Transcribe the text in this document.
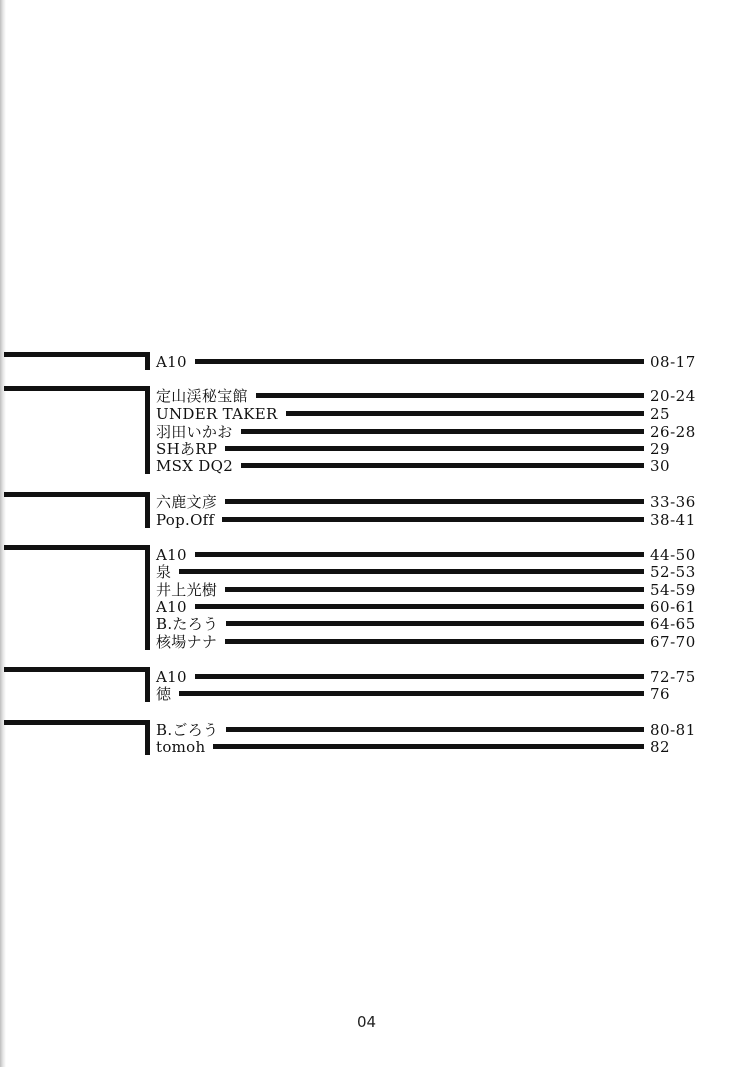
A10	08-17
定山渓秘宝館	20-24
UNDER TAKER	25
羽田いかお	26-28
SHあRP	29
MSX DQ2	30
六鹿文彦	33-36
Pop.Off	38-41
A10	44-50
泉	52-53
井上光樹	54-59
A10	60-61
B.たろう	64-65
核場ナナ	67-70
A10	72-75
徳	76
B.ごろう	80-81
tomoh	82
04
